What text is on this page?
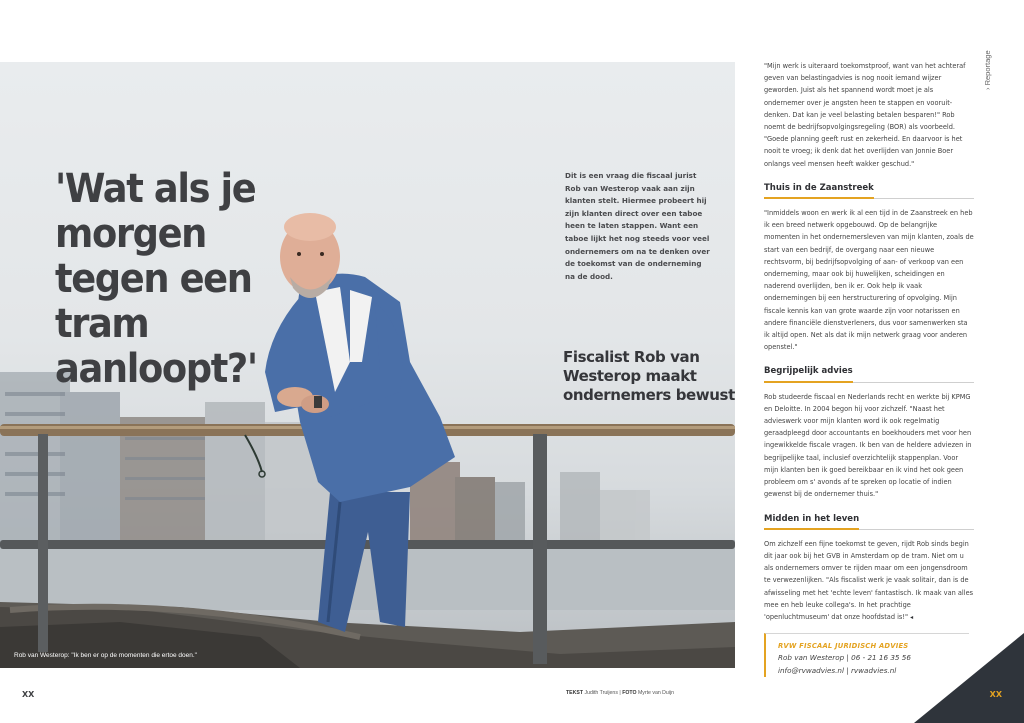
'Wat als je morgen tegen een tram aanloopt?'
Dit is een vraag die fiscaal jurist Rob van Westerop vaak aan zijn klanten stelt. Hiermee probeert hij zijn klanten direct over een taboe heen te laten stappen. Want een taboe lijkt het nog steeds voor veel ondernemers om na te denken over de toekomst van de onderneming na de dood.
Fiscalist Rob van Westerop maakt ondernemers bewust
Rob van Westerop: "Ik ben er op de momenten die ertoe doen."
› Reportage

"Mijn werk is uiteraard toekomstproof, want van het achteraf geven van belastingadvies is nog nooit iemand wijzer geworden. Juist als het spannend wordt moet je als ondernemer over je angsten heen te stappen en vooruit-denken. Dat kan je veel belasting betalen besparen!" Rob noemt de bedrijfsopvolgingsregeling (BOR) als voorbeeld. "Goede planning geeft rust en zekerheid. En daarvoor is het nooit te vroeg; ik denk dat het overlijden van Jonnie Boer onlangs veel mensen heeft wakker geschud."

Thuis in de Zaanstreek

"Inmiddels woon en werk ik al een tijd in de Zaanstreek en heb ik een breed netwerk opgebouwd. Op de belangrijke momenten in het ondernemersleven van mijn klanten, zoals de start van een bedrijf, de overgang naar een nieuwe rechtsvorm, bij bedrijfsopvolging of aan- of verkoop van een onderneming, maar ook bij huwelijken, scheidingen en naderend overlijden, ben ik er. Ook help ik vaak ondernemingen bij een herstructurering of opvolging. Mijn fiscale kennis kan van grote waarde zijn voor notarissen en andere financiële dienstverleners, dus voor samenwerken sta ik altijd open. Net als dat ik mijn netwerk graag voor anderen openstel."

Begrijpelijk advies

Rob studeerde fiscaal en Nederlands recht en werkte bij KPMG en Deloitte. In 2004 begon hij voor zichzelf. "Naast het advieswerk voor mijn klanten word ik ook regelmatig geraadpleegd door accountants en boekhouders met voor hen ingewikkelde fiscale vragen. Ik ben van de heldere adviezen in begrijpelijke taal, inclusief overzichtelijk stappenplan. Voor mijn klanten ben ik goed bereikbaar en ik vind het ook geen probleem om s' avonds af te spreken op locatie of indien gewenst bij de ondernemer thuis."

Midden in het leven

Om zichzelf een fijne toekomst te geven, rijdt Rob sinds begin dit jaar ook bij het GVB in Amsterdam op de tram. Niet om u als ondernemers omver te rijden maar om een jongensdroom te verwezenlijken. "Als fiscalist werk je vaak solitair, dan is de afwisseling met het 'echte leven' fantastisch. Ik maak van alles mee en heb leuke collega's. In het prachtige 'openluchtmuseum' dat onze hoofdstad is!" ◂

RVW FISCAAL JURIDISCH ADVIES
Rob van Westerop | 06 - 21 16 35 56
info@rvwadvies.nl | rvwadvies.nl
XX	TEKST Judith Truijens | FOTO Myrte van Duijn	XX
